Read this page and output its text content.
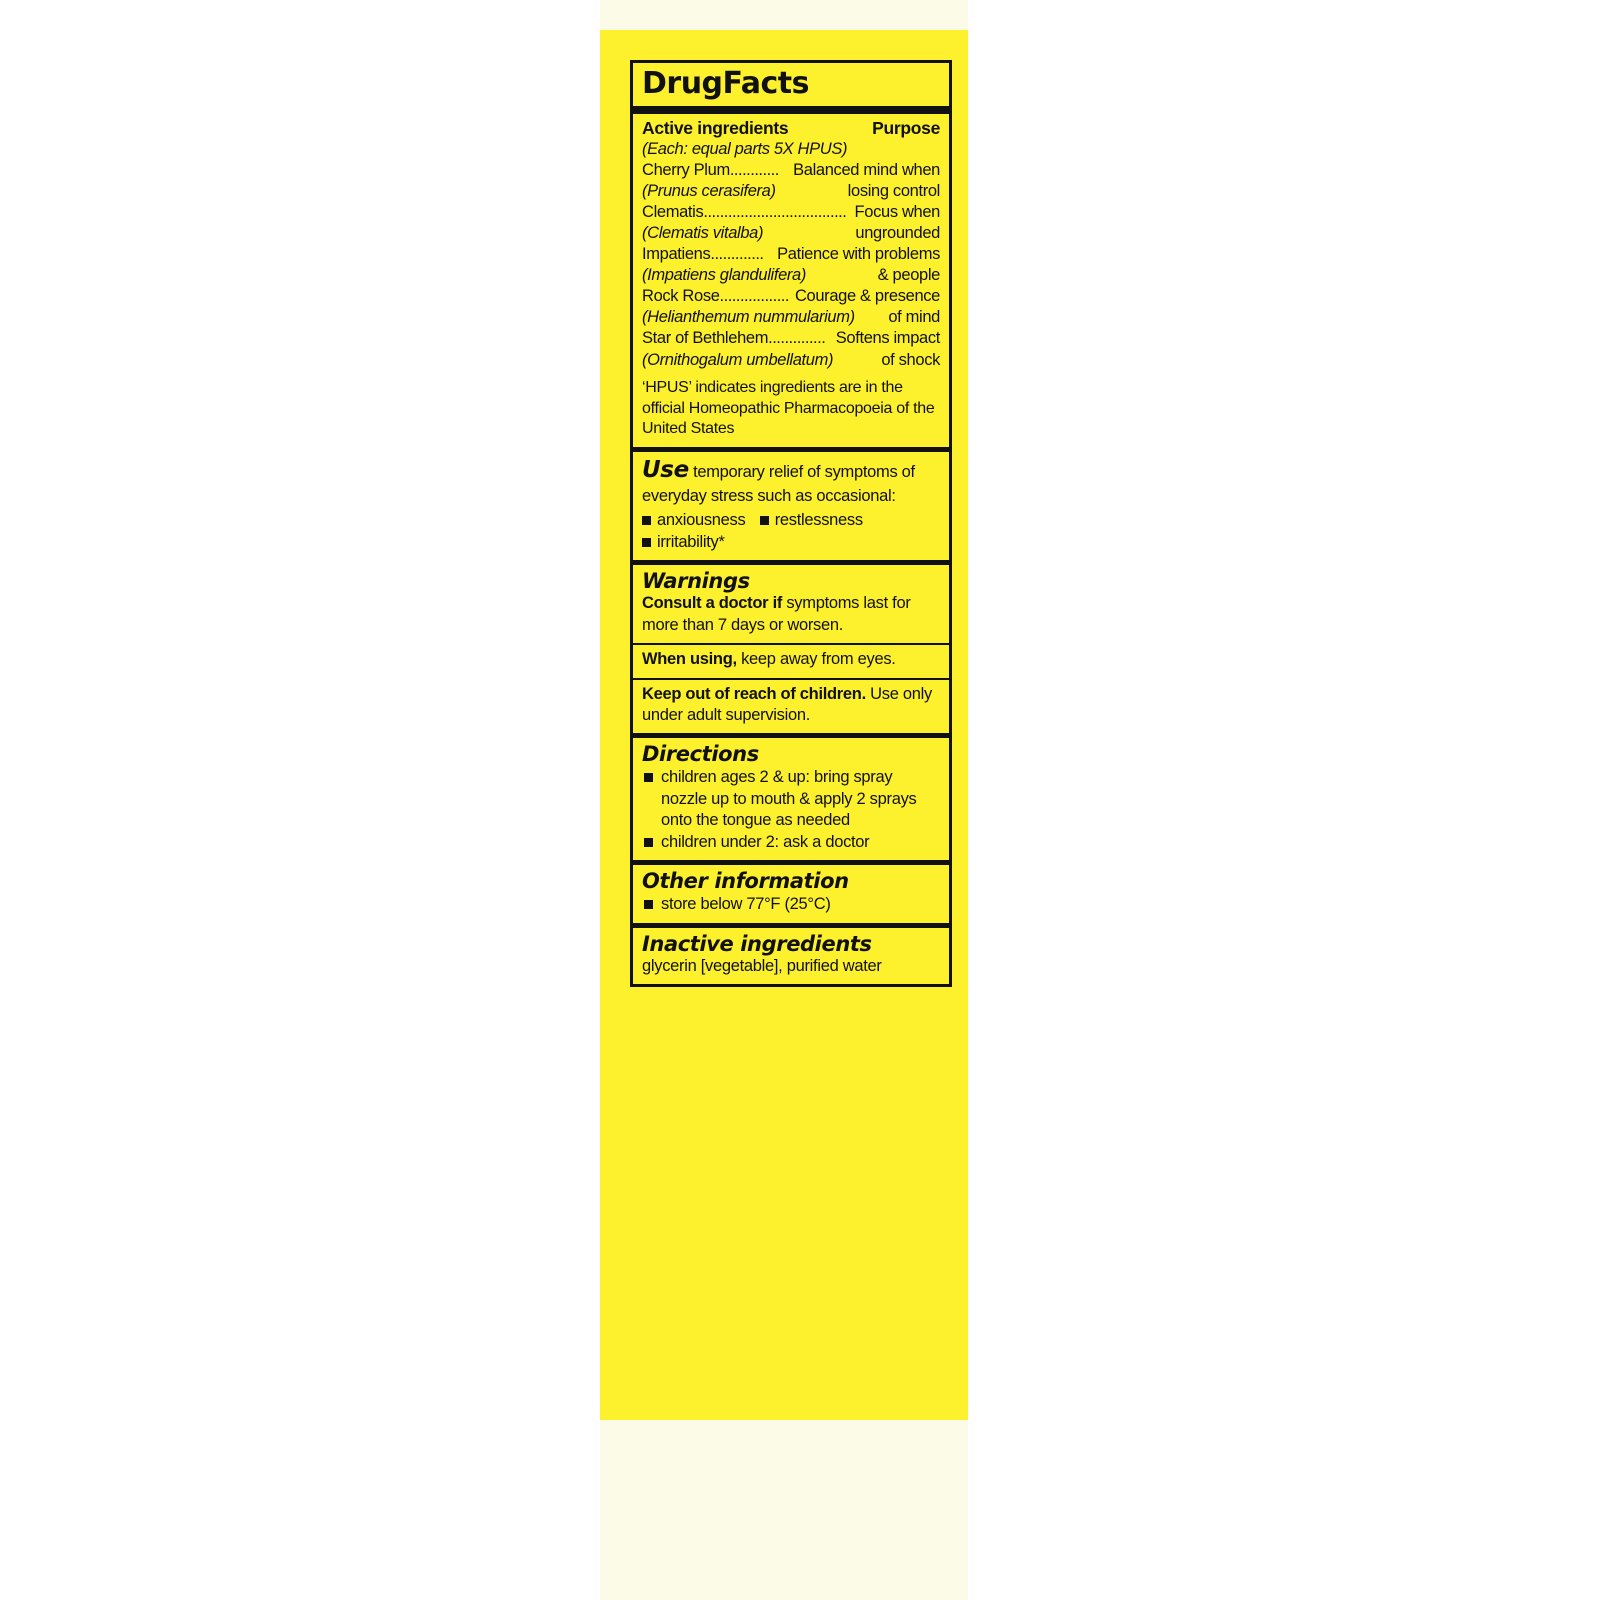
DrugFacts
Active ingredients	Purpose
(Each: equal parts 5X HPUS)
Cherry Plum............ Balanced mind when
(Prunus cerasifera)	losing control
Clematis................................... Focus when
(Clematis vitalba)	ungrounded
Impatiens............. Patience with problems
(Impatiens glandulifera)	& people
Rock Rose................. Courage & presence
(Helianthemum nummularium) of mind
Star of Bethlehem.............. Softens impact
(Ornithogalum umbellatum)	of shock
‘HPUS’ indicates ingredients are in the official Homeopathic Pharmacopoeia of the United States
Use temporary relief of symptoms of everyday stress such as occasional:
anxiousness restlessness
irritability*
Warnings
Consult a doctor if symptoms last for more than 7 days or worsen.
When using, keep away from eyes.
Keep out of reach of children. Use only under adult supervision.
Directions
children ages 2 & up: bring spray nozzle up to mouth & apply 2 sprays onto the tongue as needed
children under 2: ask a doctor
Other information
store below 77°F (25°C)
Inactive ingredients
glycerin [vegetable], purified water
